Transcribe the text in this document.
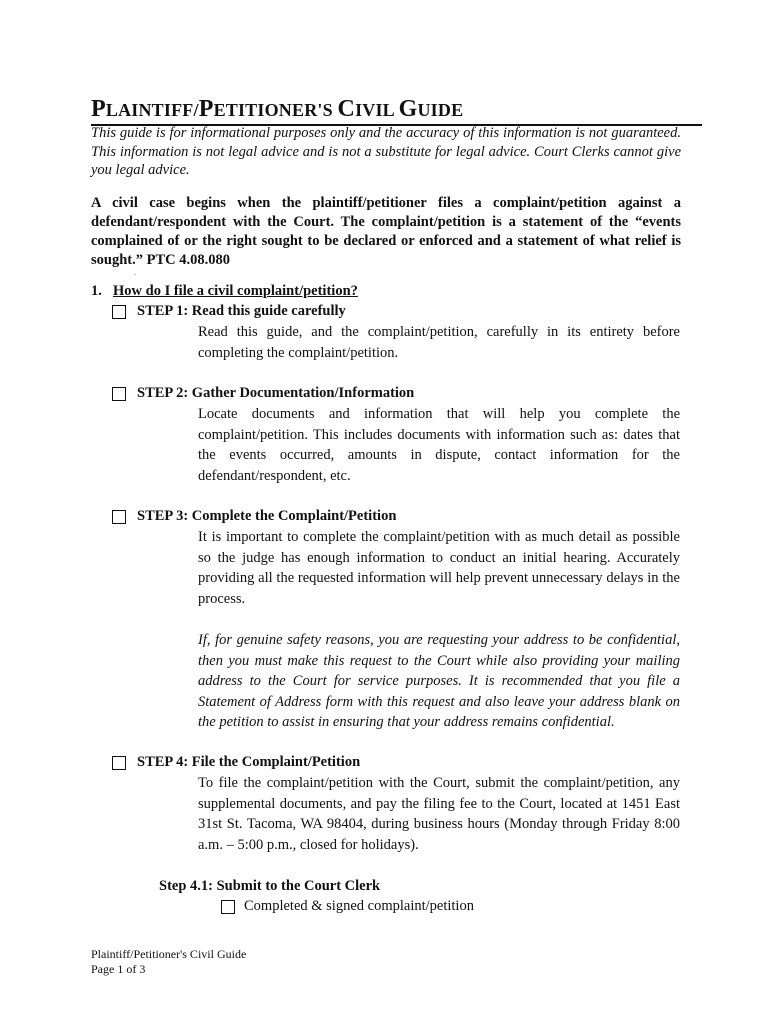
PLAINTIFF/PETITIONER'S CIVIL GUIDE
This guide is for informational purposes only and the accuracy of this information is not guaranteed. This information is not legal advice and is not a substitute for legal advice. Court Clerks cannot give you legal advice.
A civil case begins when the plaintiff/petitioner files a complaint/petition against a defendant/respondent with the Court. The complaint/petition is a statement of the “events complained of or the right sought to be declared or enforced and a statement of what relief is sought.” PTC 4.08.080
.
1. How do I file a civil complaint/petition?
STEP 1: Read this guide carefully
Read this guide, and the complaint/petition, carefully in its entirety before completing the complaint/petition.
STEP 2: Gather Documentation/Information
Locate documents and information that will help you complete the complaint/petition. This includes documents with information such as: dates that the events occurred, amounts in dispute, contact information for the defendant/respondent, etc.
STEP 3: Complete the Complaint/Petition
It is important to complete the complaint/petition with as much detail as possible so the judge has enough information to conduct an initial hearing. Accurately providing all the requested information will help prevent unnecessary delays in the process.
If, for genuine safety reasons, you are requesting your address to be confidential, then you must make this request to the Court while also providing your mailing address to the Court for service purposes. It is recommended that you file a Statement of Address form with this request and also leave your address blank on the petition to assist in ensuring that your address remains confidential.
STEP 4: File the Complaint/Petition
To file the complaint/petition with the Court, submit the complaint/petition, any supplemental documents, and pay the filing fee to the Court, located at 1451 East 31st St. Tacoma, WA 98404, during business hours (Monday through Friday 8:00 a.m. – 5:00 p.m., closed for holidays).
Step 4.1: Submit to the Court Clerk
Completed & signed complaint/petition
Plaintiff/Petitioner's Civil Guide
Page 1 of 3
